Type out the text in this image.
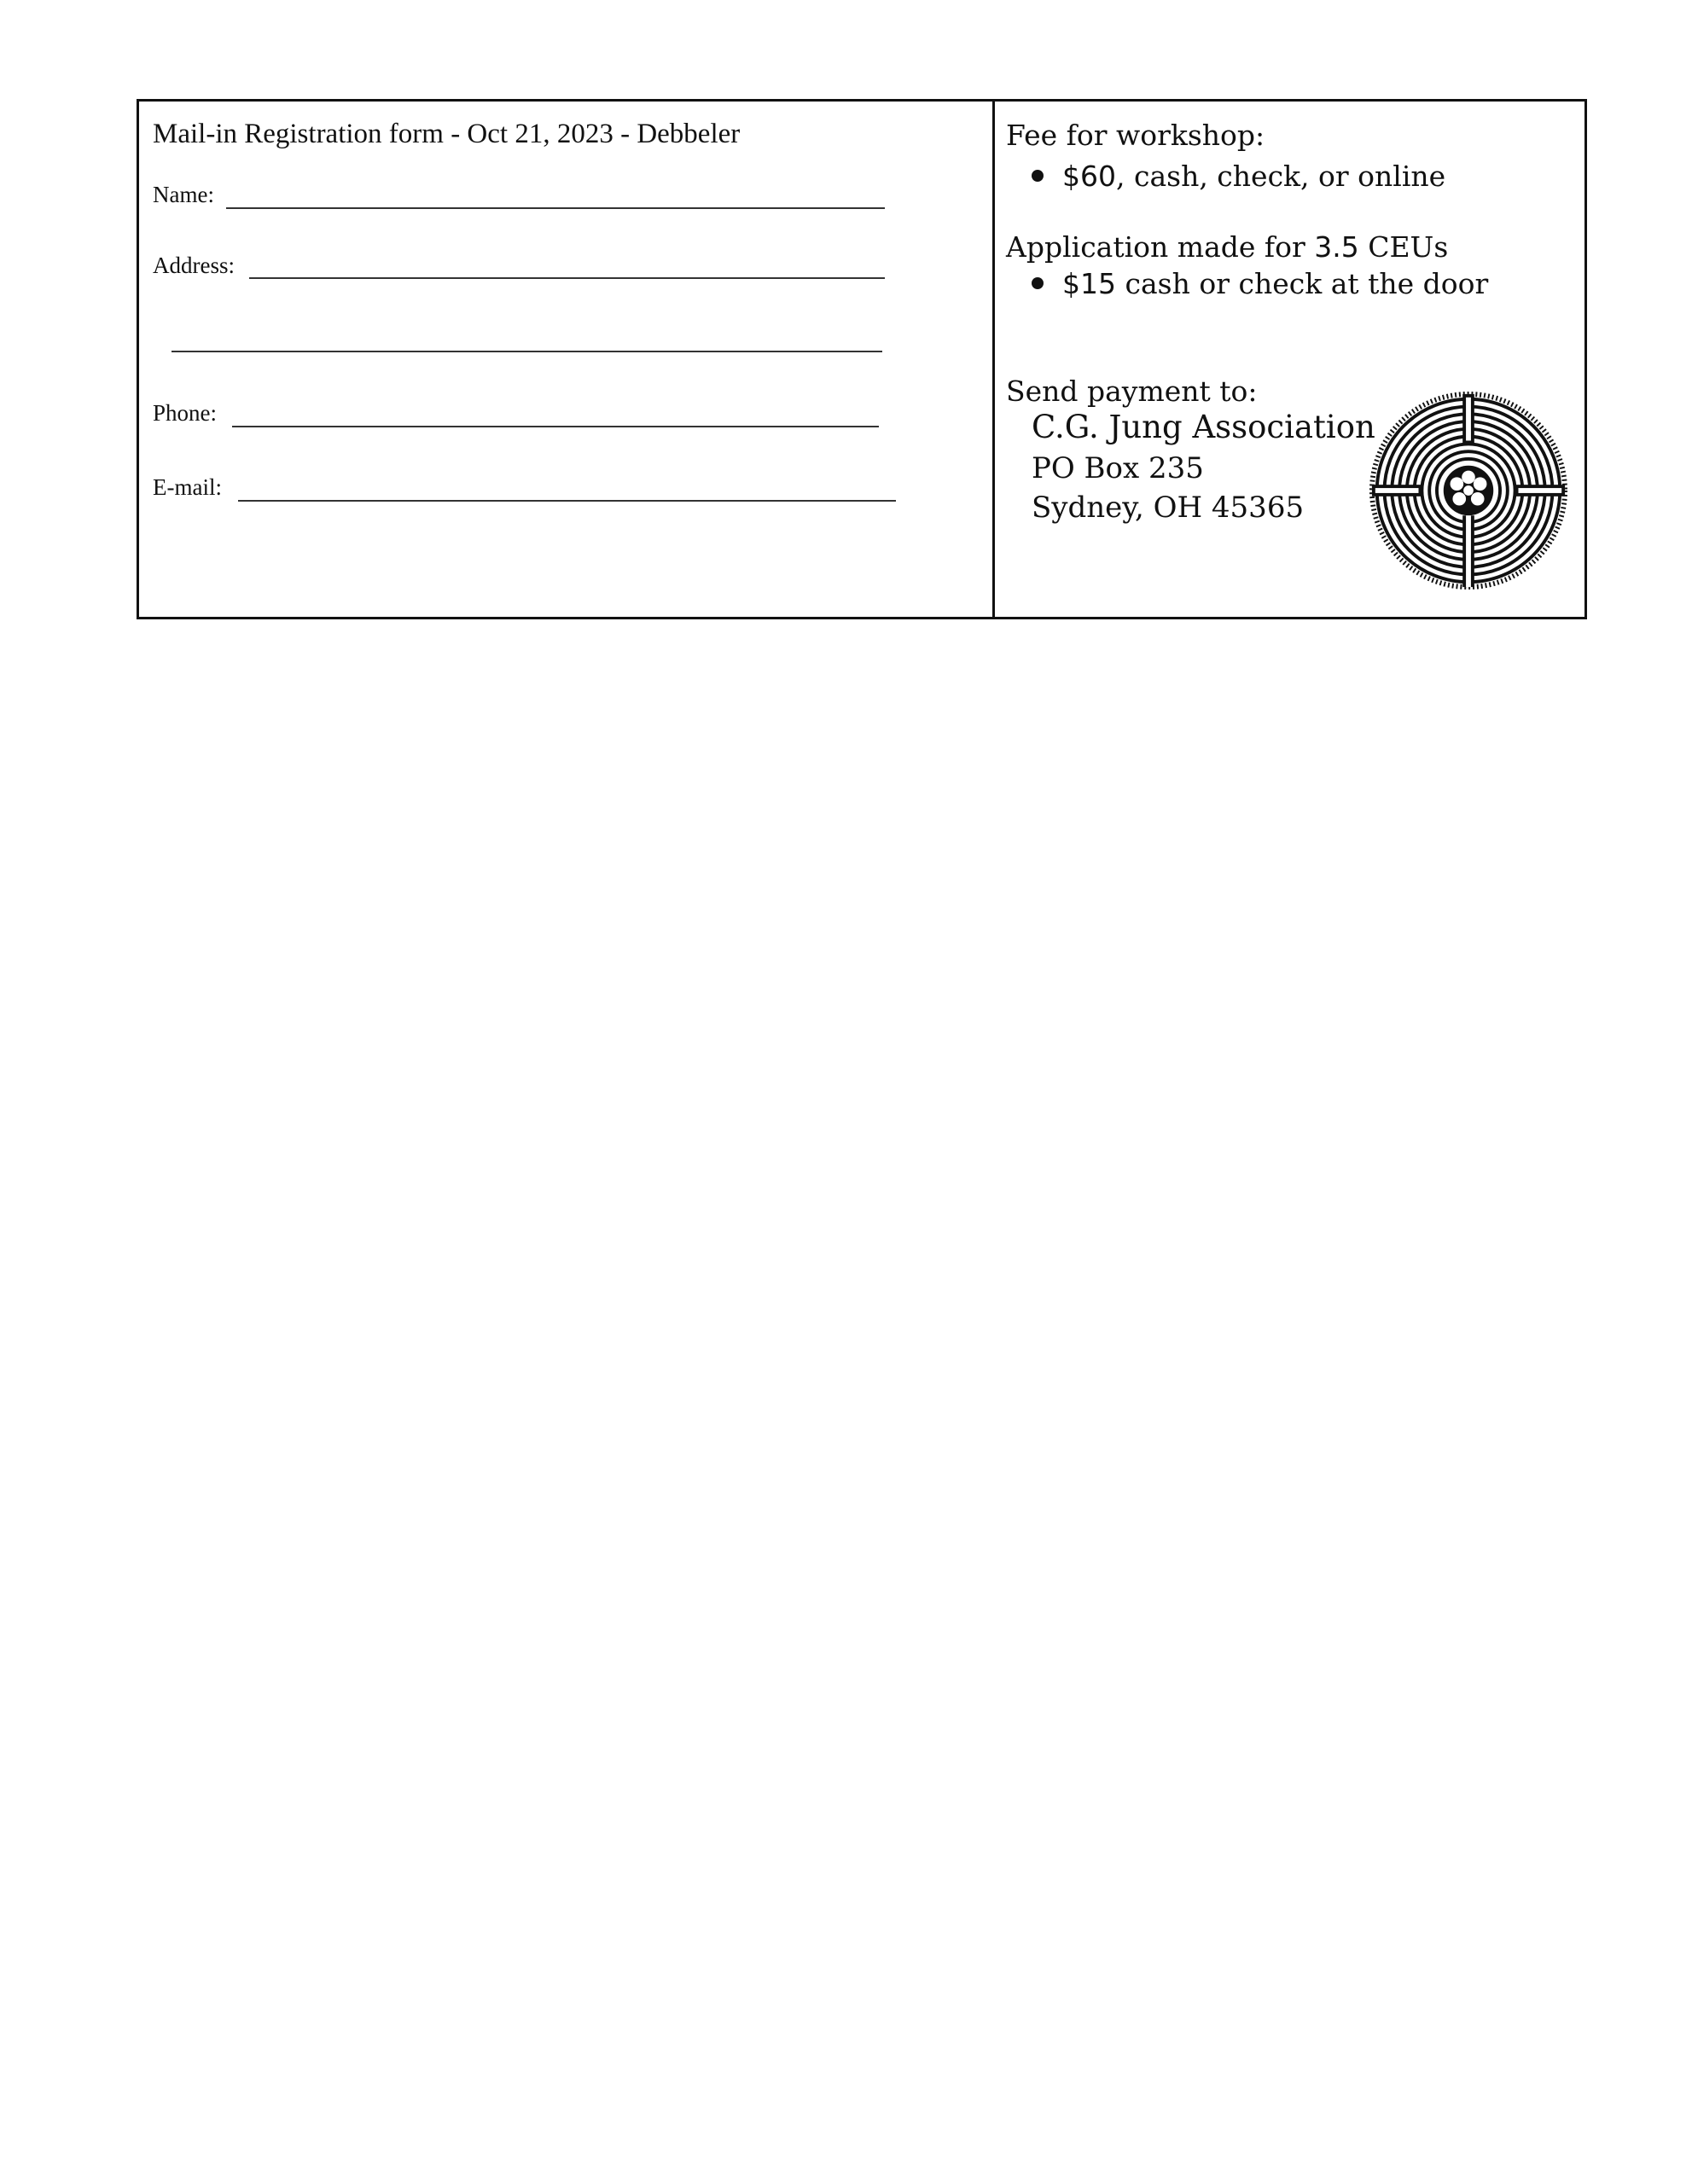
Mail-in Registration form - Oct 21, 2023 - Debbeler
Name:
Address:
Phone:
E-mail:
Fee for workshop:
$60, cash, check, or online
Application made for 3.5 CEUs
$15 cash or check at the door
Send payment to:
C.G. Jung Association
PO Box 235
Sydney, OH 45365
